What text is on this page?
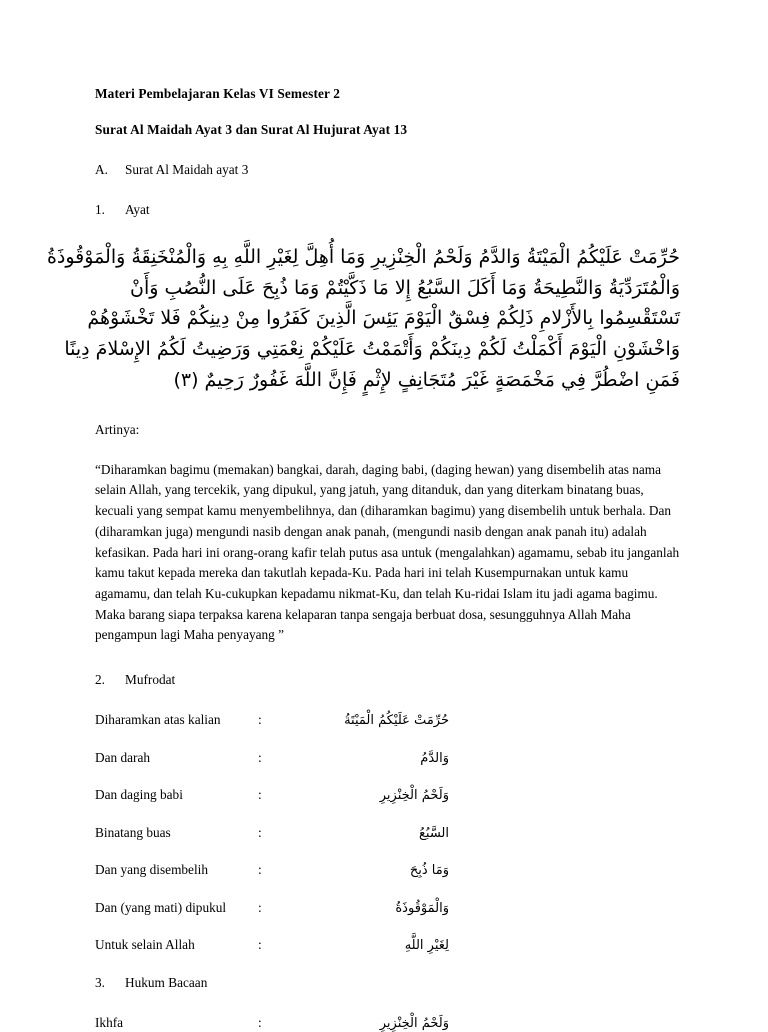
Materi Pembelajaran Kelas VI Semester 2
Surat Al Maidah Ayat 3 dan Surat Al Hujurat Ayat 13
A.	Surat Al Maidah ayat 3
1.	Ayat
حُرِّمَتْ عَلَيْكُمُ الْمَيْتَةُ وَالدَّمُ وَلَحْمُ الْخِنْزِيرِ وَمَا أُهِلَّ لِغَيْرِ اللَّهِ بِهِ وَالْمُنْخَنِقَةُ وَالْمَوْقُوذَةُ
وَالْمُتَرَدِّيَةُ وَالنَّطِيحَةُ وَمَا أَكَلَ السَّبُعُ إِلا مَا ذَكَّيْتُمْ وَمَا ذُبِحَ عَلَى النُّصُبِ وَأَنْ
تَسْتَقْسِمُوا بِالأَزْلامِ ذَلِكُمْ فِسْقٌ الْيَوْمَ يَئِسَ الَّذِينَ كَفَرُوا مِنْ دِينِكُمْ فَلا تَخْشَوْهُمْ
وَاخْشَوْنِ الْيَوْمَ أَكْمَلْتُ لَكُمْ دِينَكُمْ وَأَتْمَمْتُ عَلَيْكُمْ نِعْمَتِي وَرَضِيتُ لَكُمُ الإِسْلامَ دِينًا
فَمَنِ اضْطُرَّ فِي مَخْمَصَةٍ غَيْرَ مُتَجَانِفٍ لإِثْمٍ فَإِنَّ اللَّهَ غَفُورٌ رَحِيمٌ (٣)

Artinya:

“Diharamkan bagimu (memakan) bangkai, darah, daging babi, (daging hewan) yang disembelih atas nama selain Allah, yang tercekik, yang dipukul, yang jatuh, yang ditanduk, dan yang diterkam binatang buas, kecuali yang sempat kamu menyembelihnya, dan (diharamkan bagimu) yang disembelih untuk berhala. Dan (diharamkan juga) mengundi nasib dengan anak panah, (mengundi nasib dengan anak panah itu) adalah kefasikan. Pada hari ini orang-orang kafir telah putus asa untuk (mengalahkan) agamamu, sebab itu janganlah kamu takut kepada mereka dan takutlah kepada-Ku. Pada hari ini telah Kusempurnakan untuk kamu agamamu, dan telah Ku-cukupkan kepadamu nikmat-Ku, dan telah Ku-ridai Islam itu jadi agama bagimu. Maka barang siapa terpaksa karena kelaparan tanpa sengaja berbuat dosa, sesungguhnya Allah Maha pengampun lagi Maha penyayang ”

2.	Mufrodat
Diharamkan atas kalian	:	حُرِّمَتْ عَلَيْكُمُ الْمَيْتَةُ
Dan darah	:	وَالدَّمُ
Dan daging babi	:	وَلَحْمُ الْخِنْزِيرِ
Binatang buas	:	السَّبُعُ
Dan yang disembelih	:	وَمَا ذُبِحَ
Dan (yang mati) dipukul	:	وَالْمَوْقُوذَةُ
Untuk selain Allah	:	لِغَيْرِ اللَّهِ
3.	Hukum Bacaan
Ikhfa	:	وَلَحْمُ الْخِنْزِيرِ
